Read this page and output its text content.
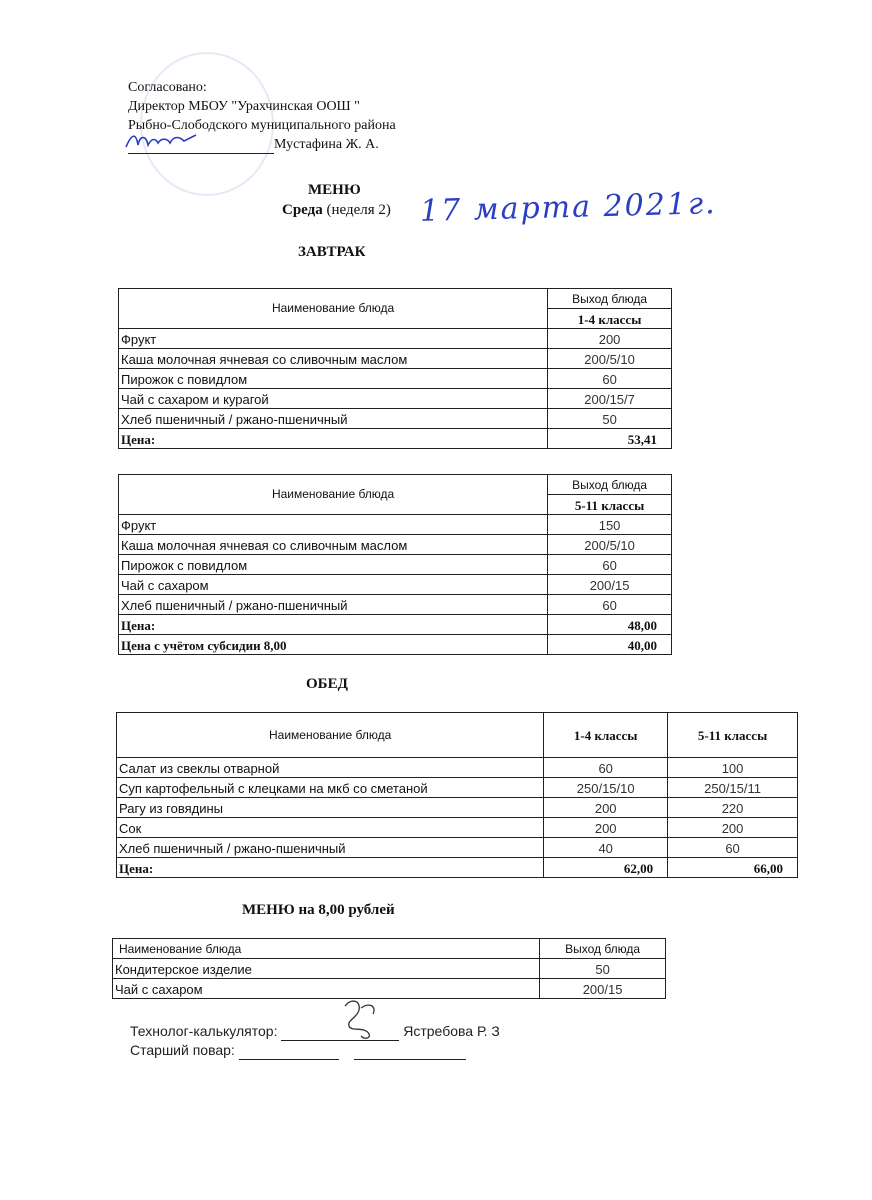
Согласовано:
Директор МБОУ "Урахчинская ООШ "
Рыбно-Слободского муниципального района
Мустафина Ж. А.
МЕНЮ
Среда (неделя 2) 17 марта 2021г.
ЗАВТРАК
Наименование блюда	Выход блюда
	1-4 классы
Фрукт	200
Каша молочная ячневая со сливочным маслом	200/5/10
Пирожок с повидлом	60
Чай с сахаром и курагой	200/15/7
Хлеб пшеничный / ржано-пшеничный	50
Цена:	53,41
Наименование блюда	Выход блюда
	5-11 классы
Фрукт	150
Каша молочная ячневая со сливочным маслом	200/5/10
Пирожок с повидлом	60
Чай с сахаром	200/15
Хлеб пшеничный / ржано-пшеничный	60
Цена:	48,00
Цена с учётом субсидии 8,00	40,00
ОБЕД
Наименование блюда	1-4 классы	5-11 классы
Салат из свеклы отварной	60	100
Суп картофельный с клецками на мкб со сметаной	250/15/10	250/15/11
Рагу из говядины	200	220
Сок	200	200
Хлеб пшеничный / ржано-пшеничный	40	60
Цена:	62,00	66,00
МЕНЮ на 8,00 рублей
Наименование блюда	Выход блюда
Кондитерское изделие	50
Чай с сахаром	200/15
Технолог-калькулятор:	Ястребова Р. З
Старший повар:
